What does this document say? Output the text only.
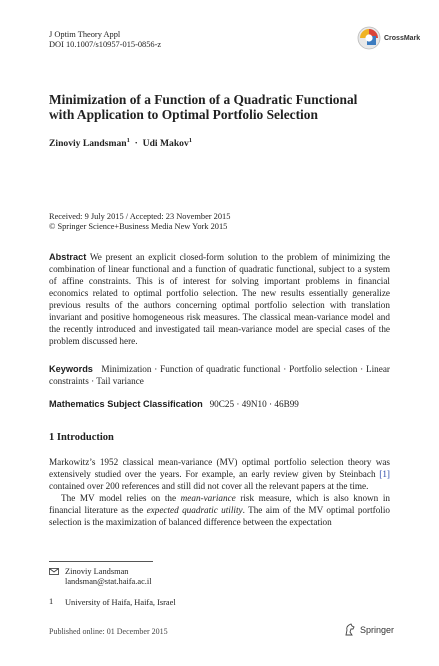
J Optim Theory Appl
DOI 10.1007/s10957-015-0856-z
CrossMark
Minimization of a Function of a Quadratic Functional
with Application to Optimal Portfolio Selection
Zinoviy Landsman$^1$ · Udi Makov$^1$
Received: 9 July 2015 / Accepted: 23 November 2015
© Springer Science+Business Media New York 2015
Abstract We present an explicit closed-form solution to the problem of minimizing the combination of linear functional and a function of quadratic functional, subject to a system of affine constraints. This is of interest for solving important problems in financial economics related to optimal portfolio selection. The new results essentially generalize previous results of the authors concerning optimal portfolio selection with translation invariant and positive homogeneous risk measures. The classical mean-variance model and the recently introduced and investigated tail mean-variance model are special cases of the problem discussed here.
Keywords Minimization · Function of quadratic functional · Portfolio selection · Linear constraints · Tail variance
Mathematics Subject Classification 90C25 · 49N10 · 46B99
1 Introduction

Markowitz’s 1952 classical mean-variance (MV) optimal portfolio selection theory was extensively studied over the years. For example, an early review given by Steinbach [1] contained over 200 references and still did not cover all the relevant papers at the time.

The MV model relies on the mean-variance risk measure, which is also known in financial literature as the expected quadratic utility. The aim of the MV optimal portfolio selection is the maximization of balanced difference between the expectation

Zinoviy Landsman
landsman@stat.haifa.ac.il
1 University of Haifa, Haifa, Israel
Published online: 01 December 2015	Springer
